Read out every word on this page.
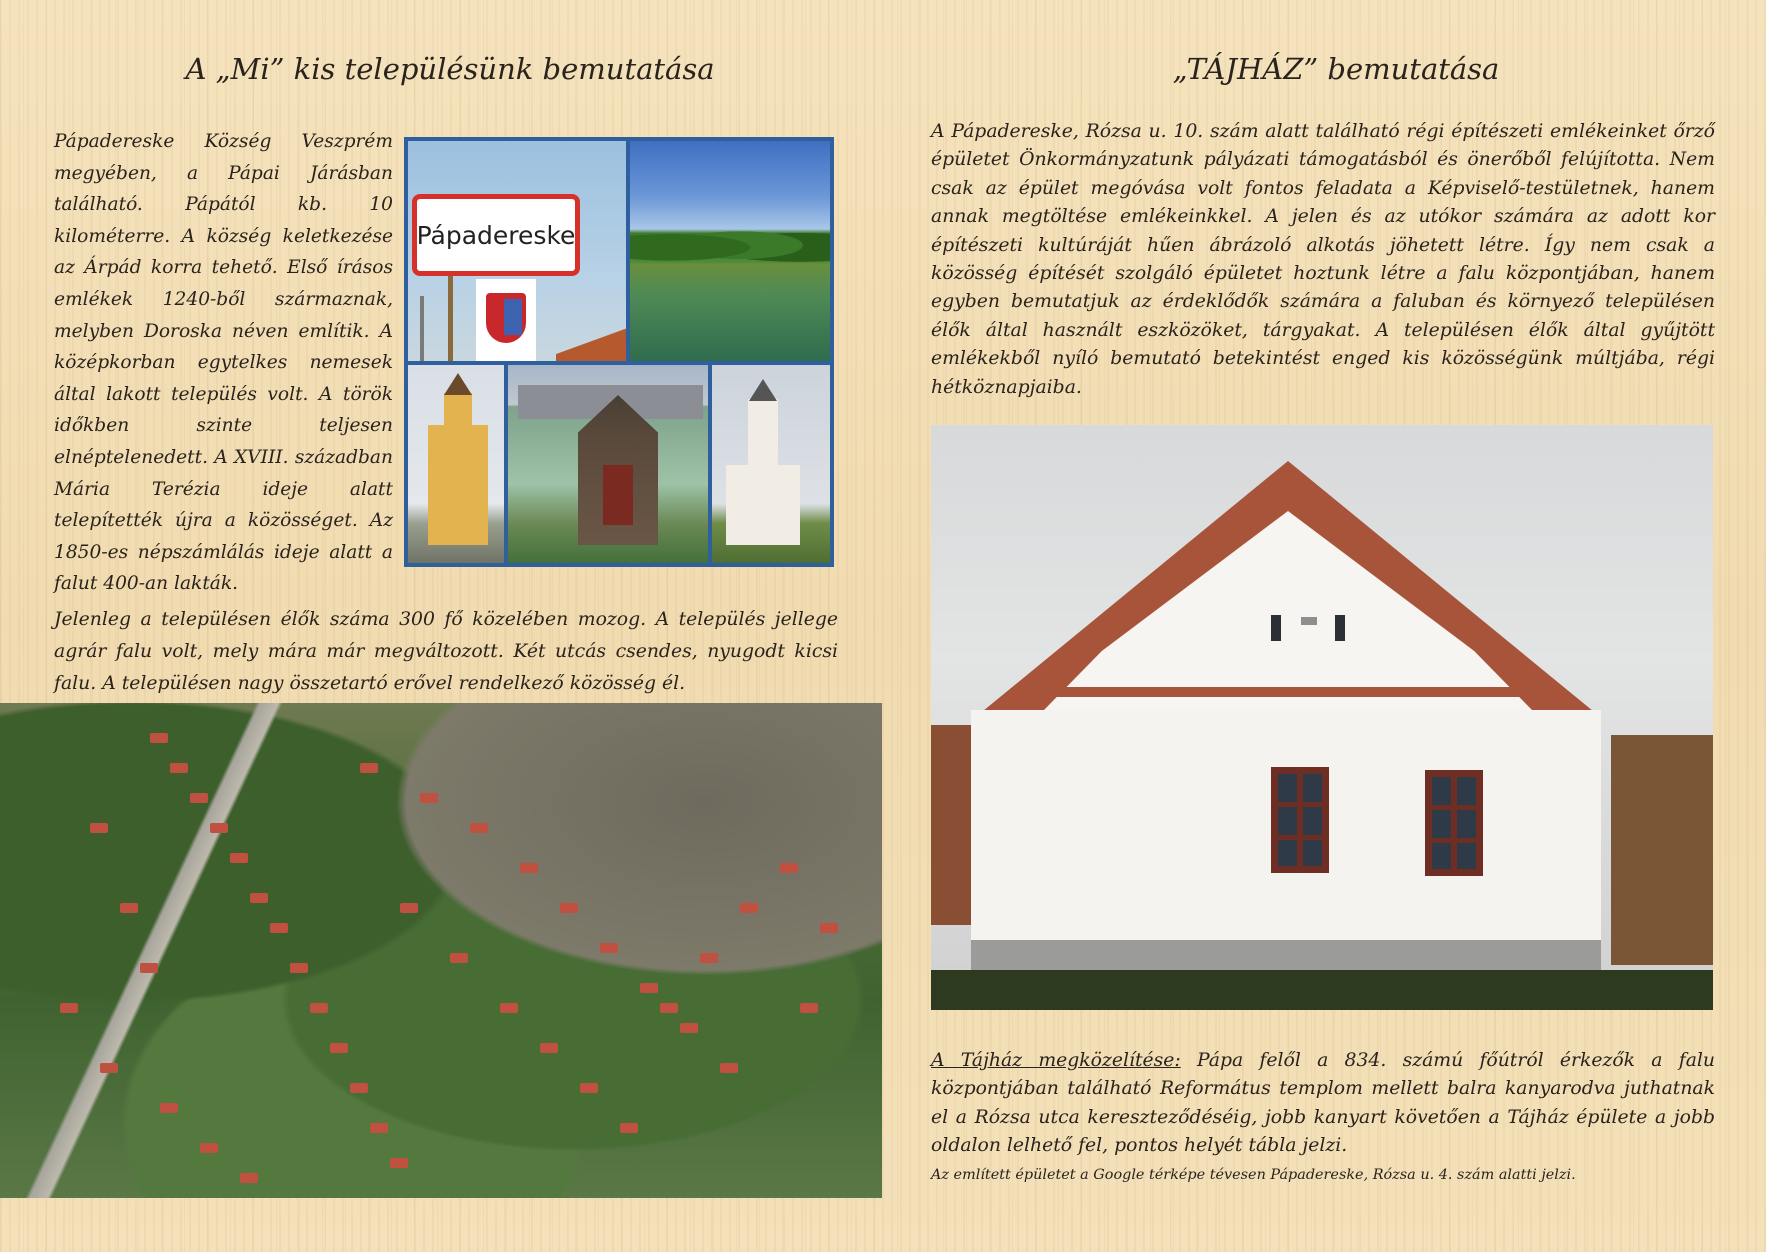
A „Mi” kis településünk bemutatása

Pápadereske Község Veszprém megyében, a Pápai Járásban található. Pápától kb. 10 kilométerre. A község keletkezése az Árpád korra tehető. Első írásos emlékek 1240-ből származnak, melyben Doroska néven említik. A középkorban egytelkes nemesek által lakott település volt. A török időkben szinte teljesen elnéptelenedett. A XVIII. században Mária Terézia ideje alatt telepítették újra a közösséget. Az 1850-es népszámlálás ideje alatt a falut 400-an lakták.

Pápadereske

Jelenleg a településen élők száma 300 fő közelében mozog. A település jellege agrár falu volt, mely mára már megváltozott. Két utcás csendes, nyugodt kicsi falu. A településen nagy összetartó erővel rendelkező közösség él.

„TÁJHÁZ” bemutatása

A Pápadereske, Rózsa u. 10. szám alatt található régi építészeti emlékeinket őrző épületet Önkormányzatunk pályázati támogatásból és önerőből felújította. Nem csak az épület megóvása volt fontos feladata a Képviselő-testületnek, hanem annak megtöltése emlékeinkkel. A jelen és az utókor számára az adott kor építészeti kultúráját hűen ábrázoló alkotás jöhetett létre. Így nem csak a közösség építését szolgáló épületet hoztunk létre a falu központjában, hanem egyben bemutatjuk az érdeklődők számára a faluban és környező településen élők által használt eszközöket, tárgyakat. A településen élők által gyűjtött emlékekből nyíló bemutató betekintést enged kis közösségünk múltjába, régi hétköznapjaiba.

A Tájház megközelítése: Pápa felől a 834. számú főútról érkezők a falu központjában található Református templom mellett balra kanyarodva juthatnak el a Rózsa utca kereszteződéséig, jobb kanyart követően a Tájház épülete a jobb oldalon lelhető fel, pontos helyét tábla jelzi.

Az említett épületet a Google térképe tévesen Pápadereske, Rózsa u. 4. szám alatti jelzi.
